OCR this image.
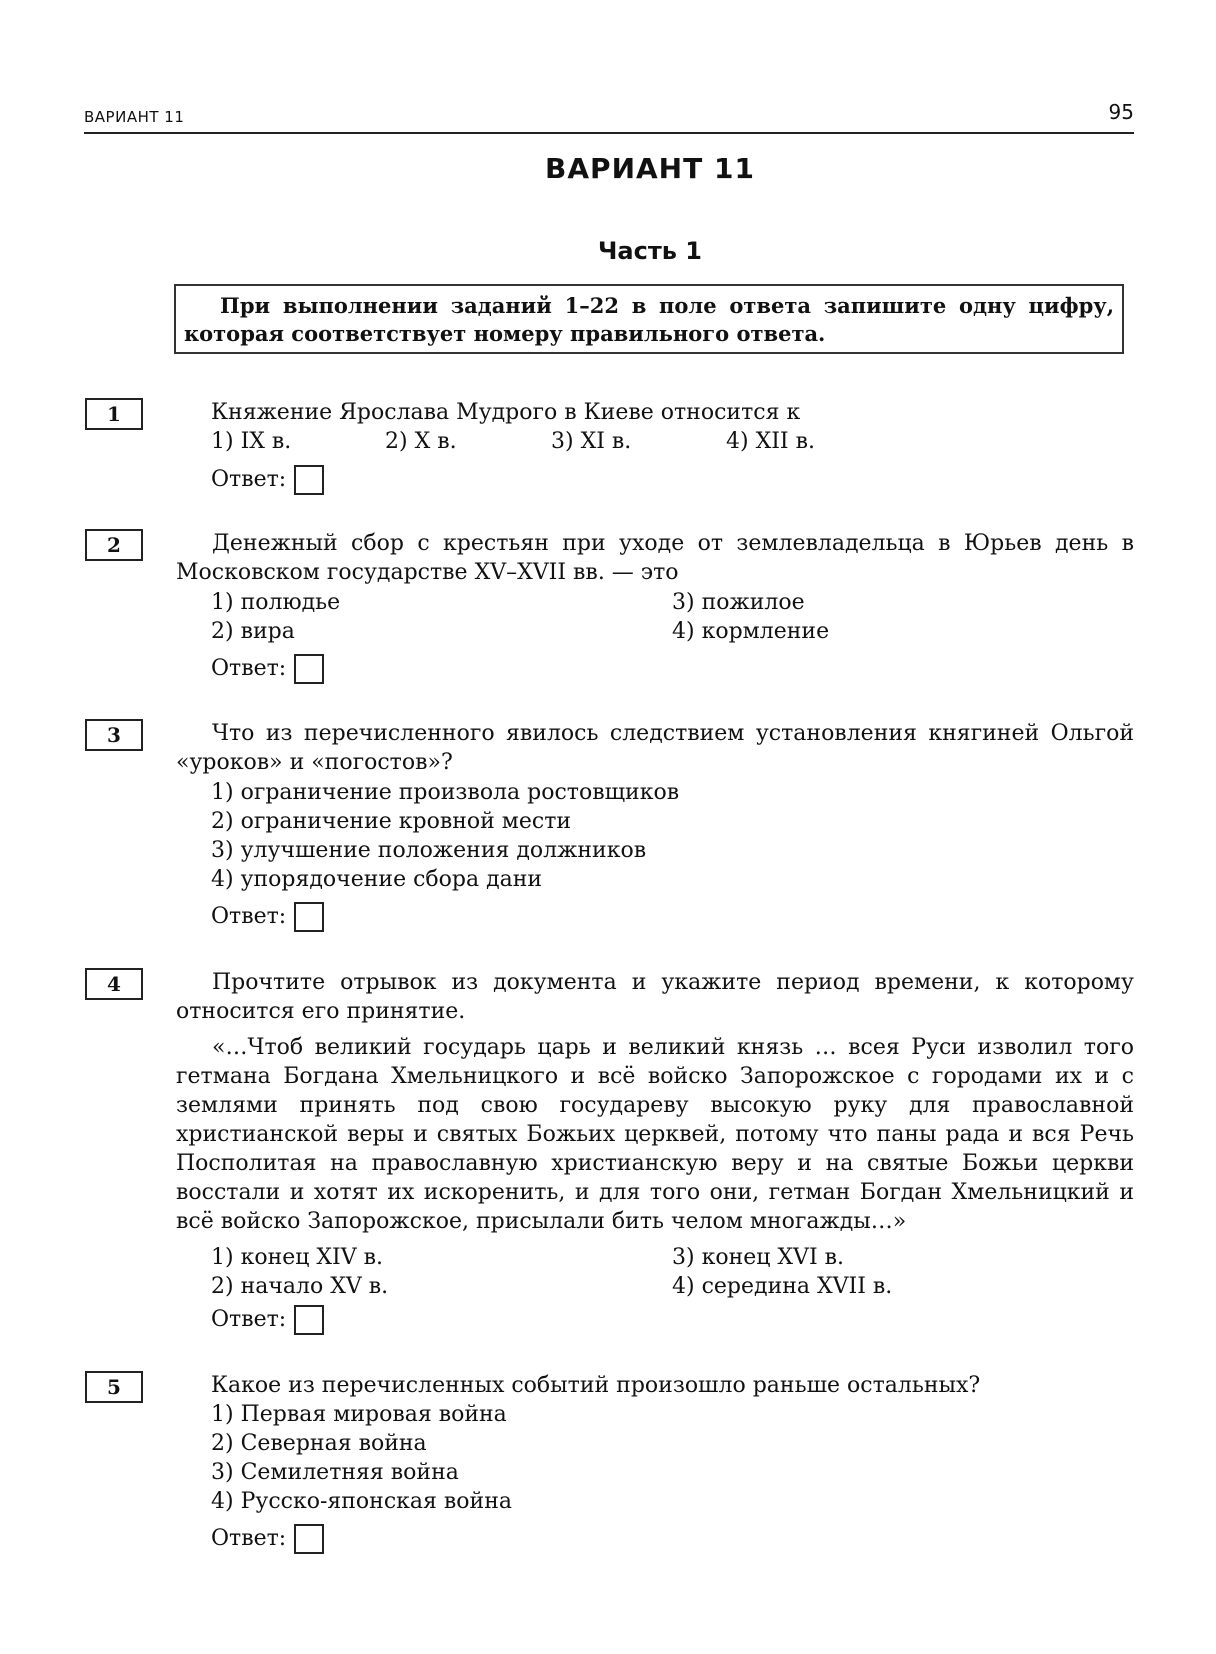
ВАРИАНТ 11	95
ВАРИАНТ 11
Часть 1
При выполнении заданий 1–22 в поле ответа запишите одну цифру, которая соответствует номеру правильного ответа.
1	Княжение Ярослава Мудрого в Киеве относится к
1) IX в.	2) X в.	3) XI в.	4) XII в.
Ответ:
2	Денежный сбор с крестьян при уходе от землевладельца в Юрьев день в Московском государстве XV–XVII вв. — это
1) полюдье
2) вира
3) пожилое
4) кормление
Ответ:
3	Что из перечисленного явилось следствием установления княгиней Ольгой «уроков» и «погостов»?
1) ограничение произвола ростовщиков
2) ограничение кровной мести
3) улучшение положения должников
4) упорядочение сбора дани
Ответ:
4	Прочтите отрывок из документа и укажите период времени, к которому относится его принятие.
«…Чтоб великий государь царь и великий князь … всея Руси изволил того гетмана Богдана Хмельницкого и всё войско Запорожское с городами их и с землями принять под свою государеву высокую руку для православной христианской веры и святых Божьих церквей, потому что паны рада и вся Речь Посполитая на православную христианскую веру и на святые Божьи церкви восстали и хотят их искоренить, и для того они, гетман Богдан Хмельницкий и всё войско Запорожское, присылали бить челом многажды…»
1) конец XIV в.
2) начало XV в.
3) конец XVI в.
4) середина XVII в.
Ответ:
5	Какое из перечисленных событий произошло раньше остальных?
1) Первая мировая война
2) Северная война
3) Семилетняя война
4) Русско-японская война
Ответ:
